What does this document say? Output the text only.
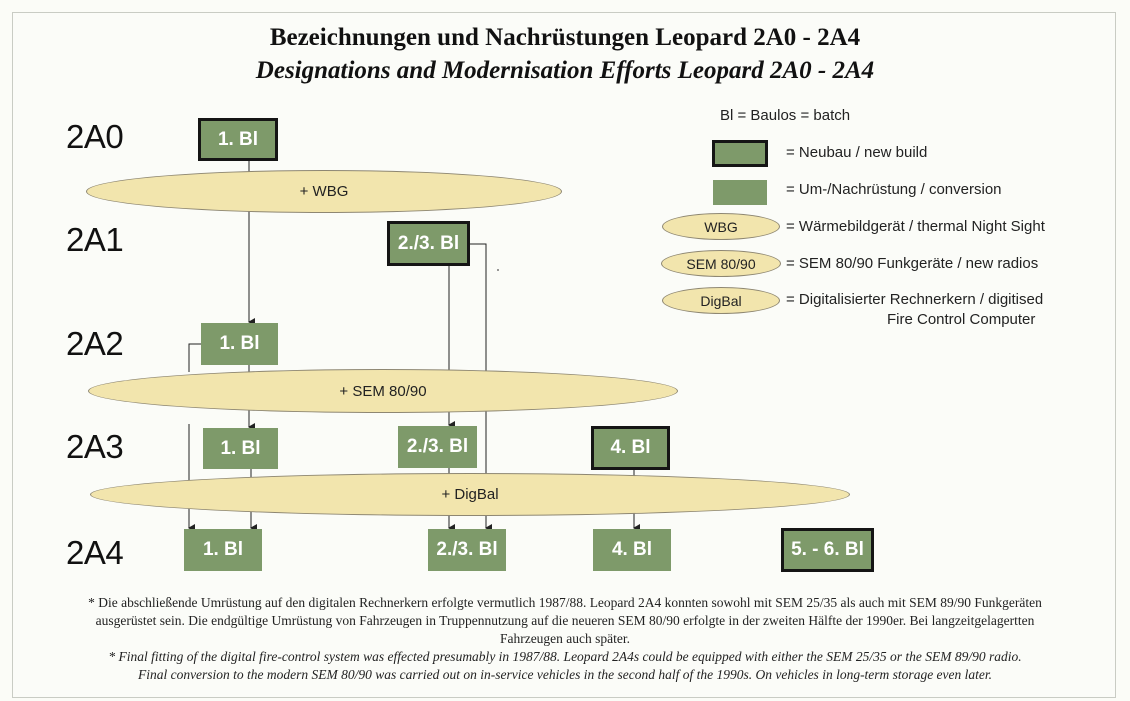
Bezeichnungen und Nachrüstungen Leopard 2A0 - 2A4
Designations and Modernisation Efforts Leopard 2A0 - 2A4
2A0
2A1
2A2
2A3
2A4
+ WBG
+ SEM 80/90
+ DigBal
1. Bl
2./3. Bl
1. Bl
1. Bl	2./3. Bl	4. Bl
1. Bl	2./3. Bl	4. Bl	5. - 6. Bl
Bl = Baulos = batch
= Neubau / new build
= Um-/Nachrüstung / conversion
WBG	= Wärmebildgerät / thermal Night Sight
SEM 80/90	= SEM 80/90 Funkgeräte / new radios
DigBal	= Digitalisierter Rechnerkern / digitised
Fire Control Computer
* Die abschließende Umrüstung auf den digitalen Rechnerkern erfolgte vermutlich 1987/88. Leopard 2A4 konnten sowohl mit SEM 25/35 als auch mit SEM 89/90 Funkgeräten
ausgerüstet sein. Die endgültige Umrüstung von Fahrzeugen in Truppennutzung auf die neueren SEM 80/90 erfolgte in der zweiten Hälfte der 1990er. Bei langzeitgelagertten
Fahrzeugen auch später.
* Final fitting of the digital fire-control system was effected presumably in 1987/88. Leopard 2A4s could be equipped with either the SEM 25/35 or the SEM 89/90 radio.
Final conversion to the modern SEM 80/90 was carried out on in-service vehicles in the second half of the 1990s. On vehicles in long-term storage even later.
